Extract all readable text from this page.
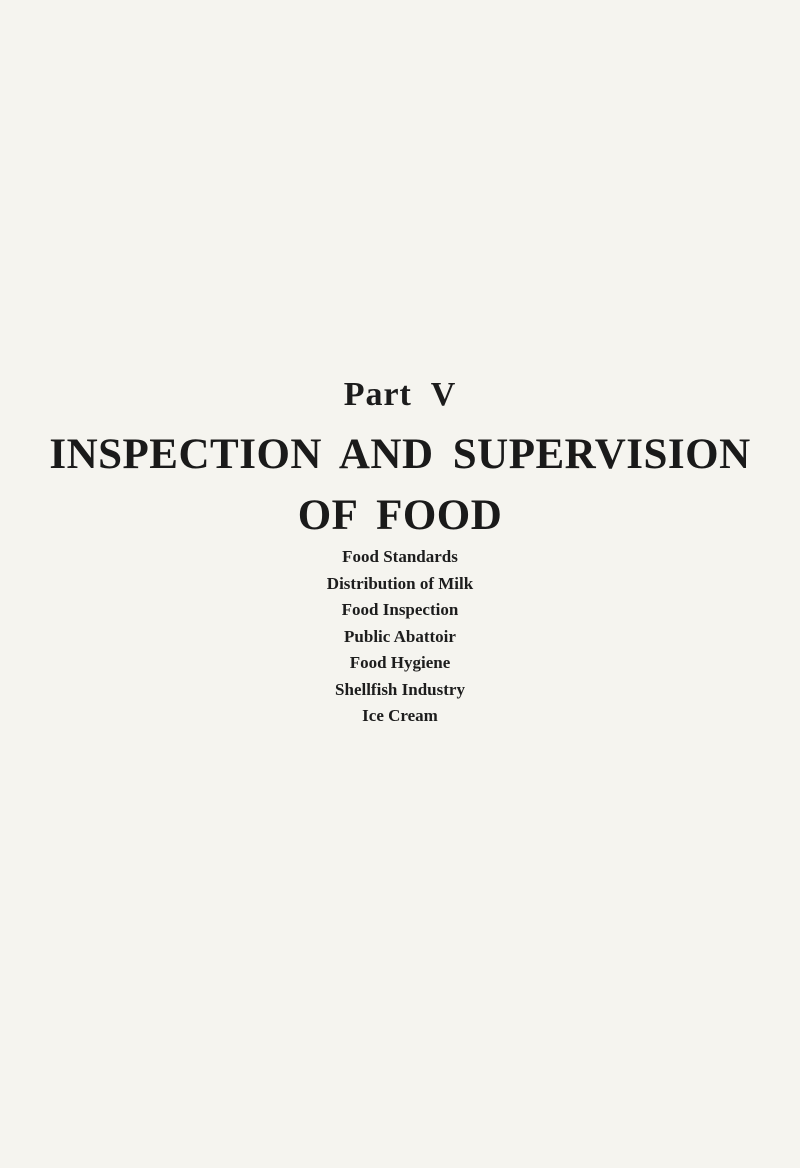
Part V
INSPECTION AND SUPERVISION
OF FOOD
Food Standards
Distribution of Milk
Food Inspection
Public Abattoir
Food Hygiene
Shellfish Industry
Ice Cream
